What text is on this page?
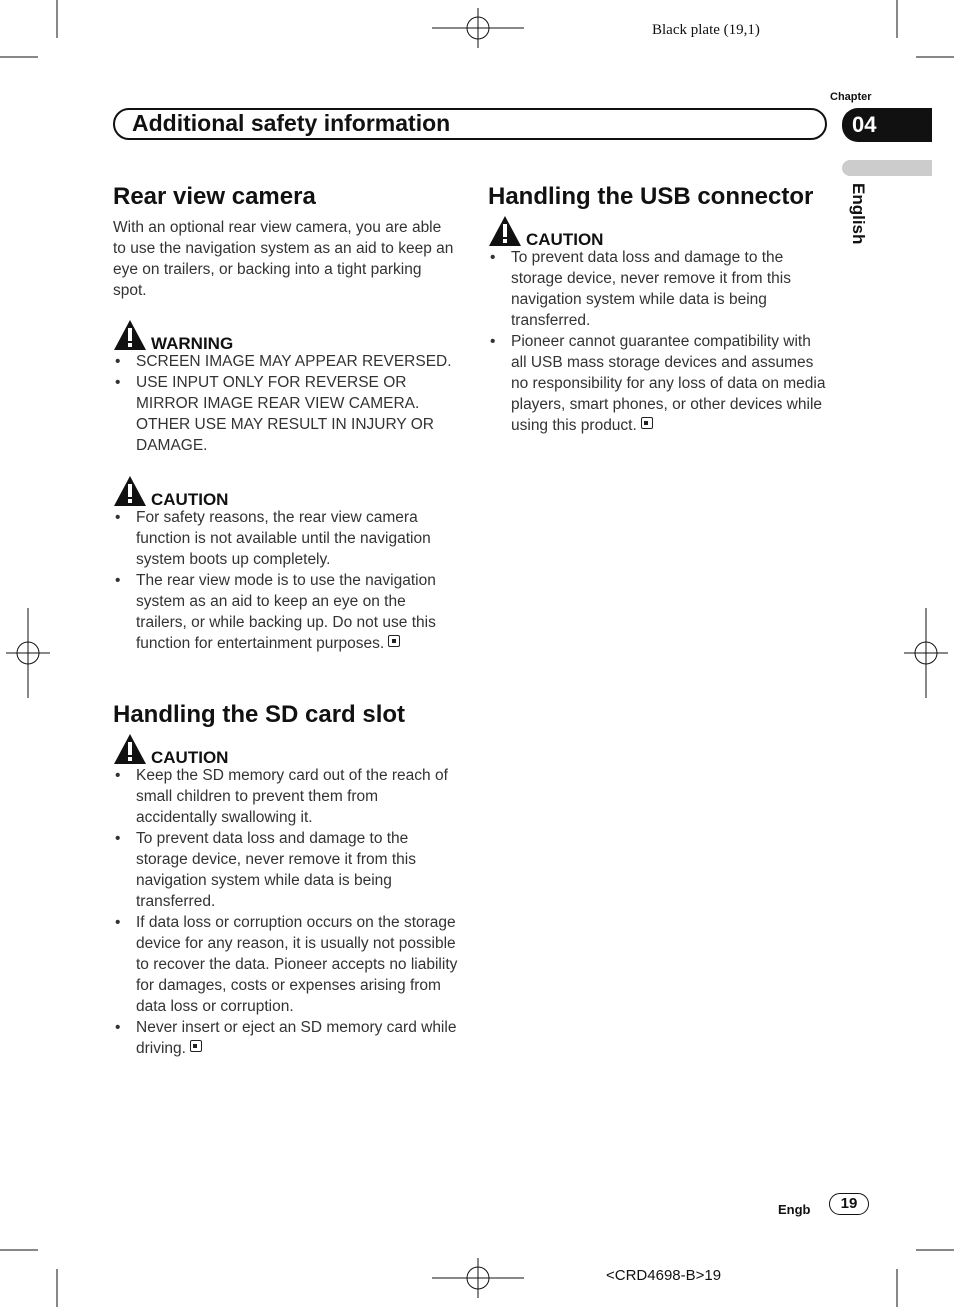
Black plate (19,1)
Chapter
Additional safety information	04
English
Rear view camera

With an optional rear view camera, you are able to use the navigation system as an aid to keep an eye on trailers, or backing into a tight parking spot.

WARNING
• SCREEN IMAGE MAY APPEAR REVERSED.
• USE INPUT ONLY FOR REVERSE OR MIRROR IMAGE REAR VIEW CAMERA. OTHER USE MAY RESULT IN INJURY OR DAMAGE.
CAUTION
• For safety reasons, the rear view camera function is not available until the navigation system boots up completely.
• The rear view mode is to use the navigation system as an aid to keep an eye on the trailers, or while backing up. Do not use this function for entertainment purposes.
Handling the SD card slot
CAUTION
• Keep the SD memory card out of the reach of small children to prevent them from accidentally swallowing it.
• To prevent data loss and damage to the storage device, never remove it from this navigation system while data is being transferred.
• If data loss or corruption occurs on the storage device for any reason, it is usually not possible to recover the data. Pioneer accepts no liability for damages, costs or expenses arising from data loss or corruption.
• Never insert or eject an SD memory card while driving.
Handling the USB connector
CAUTION
• To prevent data loss and damage to the storage device, never remove it from this navigation system while data is being transferred.
• Pioneer cannot guarantee compatibility with all USB mass storage devices and assumes no responsibility for any loss of data on media players, smart phones, or other devices while using this product.
Engb	19
<CRD4698-B>19
